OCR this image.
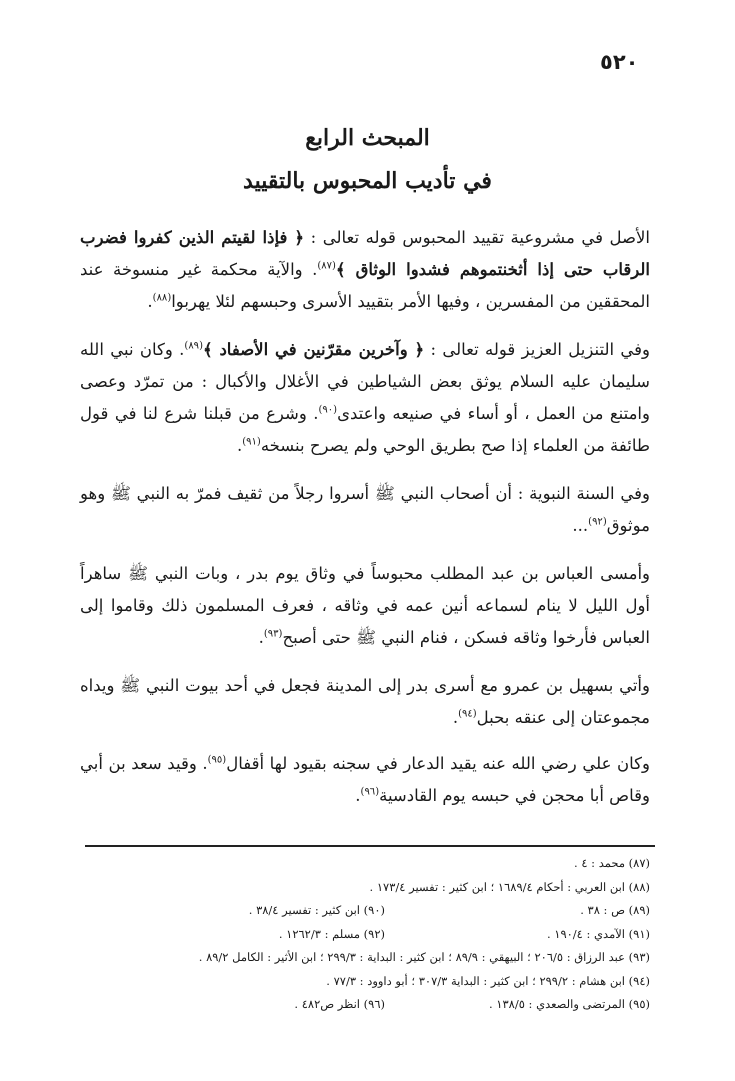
٥٢٠
المبحث الرابع
في تأديب المحبوس بالتقييد

الأصل في مشروعية تقييد المحبوس قوله تعالى : ﴿ فإذا لقيتم الذين كفروا فضرب الرقاب حتى إذا أثخنتموهم فشدوا الوثاق ﴾$^{(٨٧)}$. والآية محكمة غير منسوخة عند المحققين من المفسرين ، وفيها الأمر بتقييد الأسرى وحبسهم لئلا يهربوا$^{(٨٨)}$.

وفي التنزيل العزيز قوله تعالى : ﴿ وآخرين مقرّنين في الأصفاد ﴾$^{(٨٩)}$. وكان نبي الله سليمان عليه السلام يوثق بعض الشياطين في الأغلال والأكبال : من تمرّد وعصى وامتنع من العمل ، أو أساء في صنيعه واعتدى$^{(٩٠)}$. وشرع من قبلنا شرع لنا في قول طائفة من العلماء إذا صح بطريق الوحي ولم يصرح بنسخه$^{(٩١)}$.

وفي السنة النبوية : أن أصحاب النبي ﷺ أسروا رجلاً من ثقيف فمرّ به النبي ﷺ وهو موثوق$^{(٩٢)}$...

وأمسى العباس بن عبد المطلب محبوساً في وثاق يوم بدر ، وبات النبي ﷺ ساهراً أول الليل لا ينام لسماعه أنين عمه في وثاقه ، فعرف المسلمون ذلك وقاموا إلى العباس فأرخوا وثاقه فسكن ، فنام النبي ﷺ حتى أصبح$^{(٩٣)}$.

وأتي بسهيل بن عمرو مع أسرى بدر إلى المدينة فجعل في أحد بيوت النبي ﷺ ويداه مجموعتان إلى عنقه بحبل$^{(٩٤)}$.

وكان علي رضي الله عنه يقيد الدعار في سجنه بقيود لها أقفال$^{(٩٥)}$. وقيد سعد بن أبي وقاص أبا محجن في حبسه يوم القادسية$^{(٩٦)}$.

(٨٧) محمد : ٤ .
(٨٨) ابن العربي : أحكام ١٦٨٩/٤ ؛ ابن كثير : تفسير ١٧٣/٤ .
(٨٩) ص : ٣٨ .
(٩٠) ابن كثير : تفسير ٣٨/٤ .
(٩١) الآمدي : ١٩٠/٤ .
(٩٢) مسلم : ١٢٦٢/٣ .
(٩٣) عبد الرزاق : ٢٠٦/٥ ؛ البيهقي : ٨٩/٩ ؛ ابن كثير : البداية : ٢٩٩/٣ ؛ ابن الأثير : الكامل ٨٩/٢ .
(٩٤) ابن هشام : ٢٩٩/٢ ؛ ابن كثير : البداية ٣٠٧/٣ ؛ أبو داوود : ٧٧/٣ .
(٩٥) المرتضى والصعدي : ١٣٨/٥ .
(٩٦) انظر ص٤٨٢ .
